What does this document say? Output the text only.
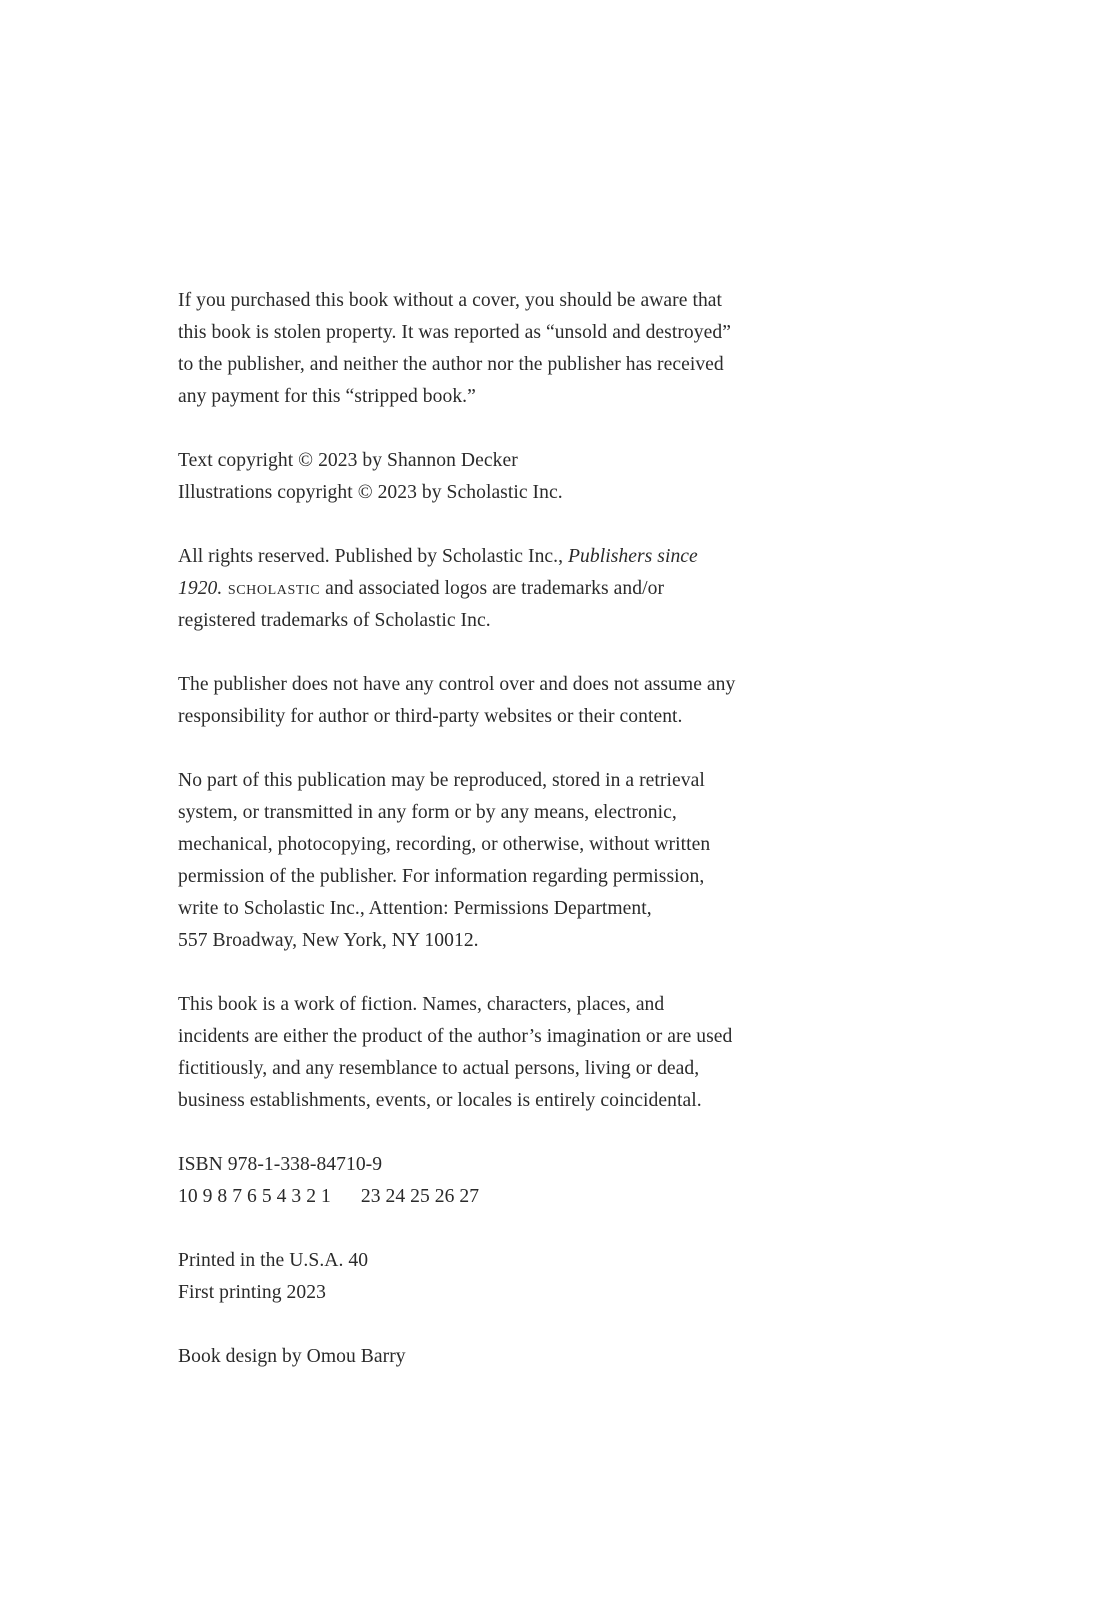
If you purchased this book without a cover, you should be aware that
this book is stolen property. It was reported as “unsold and destroyed”
to the publisher, and neither the author nor the publisher has received
any payment for this “stripped book.”

Text copyright © 2023 by Shannon Decker
Illustrations copyright © 2023 by Scholastic Inc.

All rights reserved. Published by Scholastic Inc., Publishers since
1920. scholastic and associated logos are trademarks and/or
registered trademarks of Scholastic Inc.

The publisher does not have any control over and does not assume any
responsibility for author or third-party websites or their content.

No part of this publication may be reproduced, stored in a retrieval
system, or transmitted in any form or by any means, electronic,
mechanical, photocopying, recording, or otherwise, without written
permission of the publisher. For information regarding permission,
write to Scholastic Inc., Attention: Permissions Department,
557 Broadway, New York, NY 10012.

This book is a work of fiction. Names, characters, places, and
incidents are either the product of the author’s imagination or are used
fictitiously, and any resemblance to actual persons, living or dead,
business establishments, events, or locales is entirely coincidental.

ISBN 978-1-338-84710-9
10 9 8 7 6 5 4 3 2 1 23 24 25 26 27

Printed in the U.S.A. 40
First printing 2023

Book design by Omou Barry
